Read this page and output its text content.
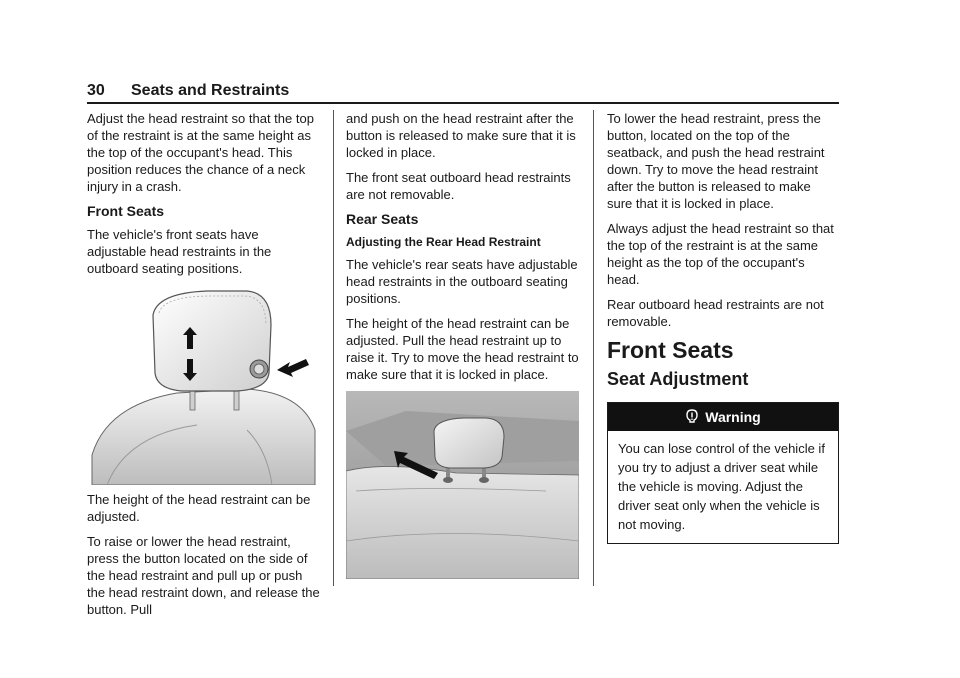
30 Seats and Restraints

Adjust the head restraint so that the top of the restraint is at the same height as the top of the occupant's head. This position reduces the chance of a neck injury in a crash.

Front Seats

The vehicle's front seats have adjustable head restraints in the outboard seating positions.

The height of the head restraint can be adjusted.

To raise or lower the head restraint, press the button located on the side of the head restraint and pull up or push the head restraint down, and release the button. Pull

and push on the head restraint after the button is released to make sure that it is locked in place.

The front seat outboard head restraints are not removable.

Rear Seats
Adjusting the Rear Head Restraint

The vehicle's rear seats have adjustable head restraints in the outboard seating positions.

The height of the head restraint can be adjusted. Pull the head restraint up to raise it. Try to move the head restraint to make sure that it is locked in place.

To lower the head restraint, press the button, located on the top of the seatback, and push the head restraint down. Try to move the head restraint after the button is released to make sure that it is locked in place.

Always adjust the head restraint so that the top of the restraint is at the same height as the top of the occupant's head.

Rear outboard head restraints are not removable.

Front Seats
Seat Adjustment
Warning
You can lose control of the vehicle if you try to adjust a driver seat while the vehicle is moving. Adjust the driver seat only when the vehicle is not moving.
